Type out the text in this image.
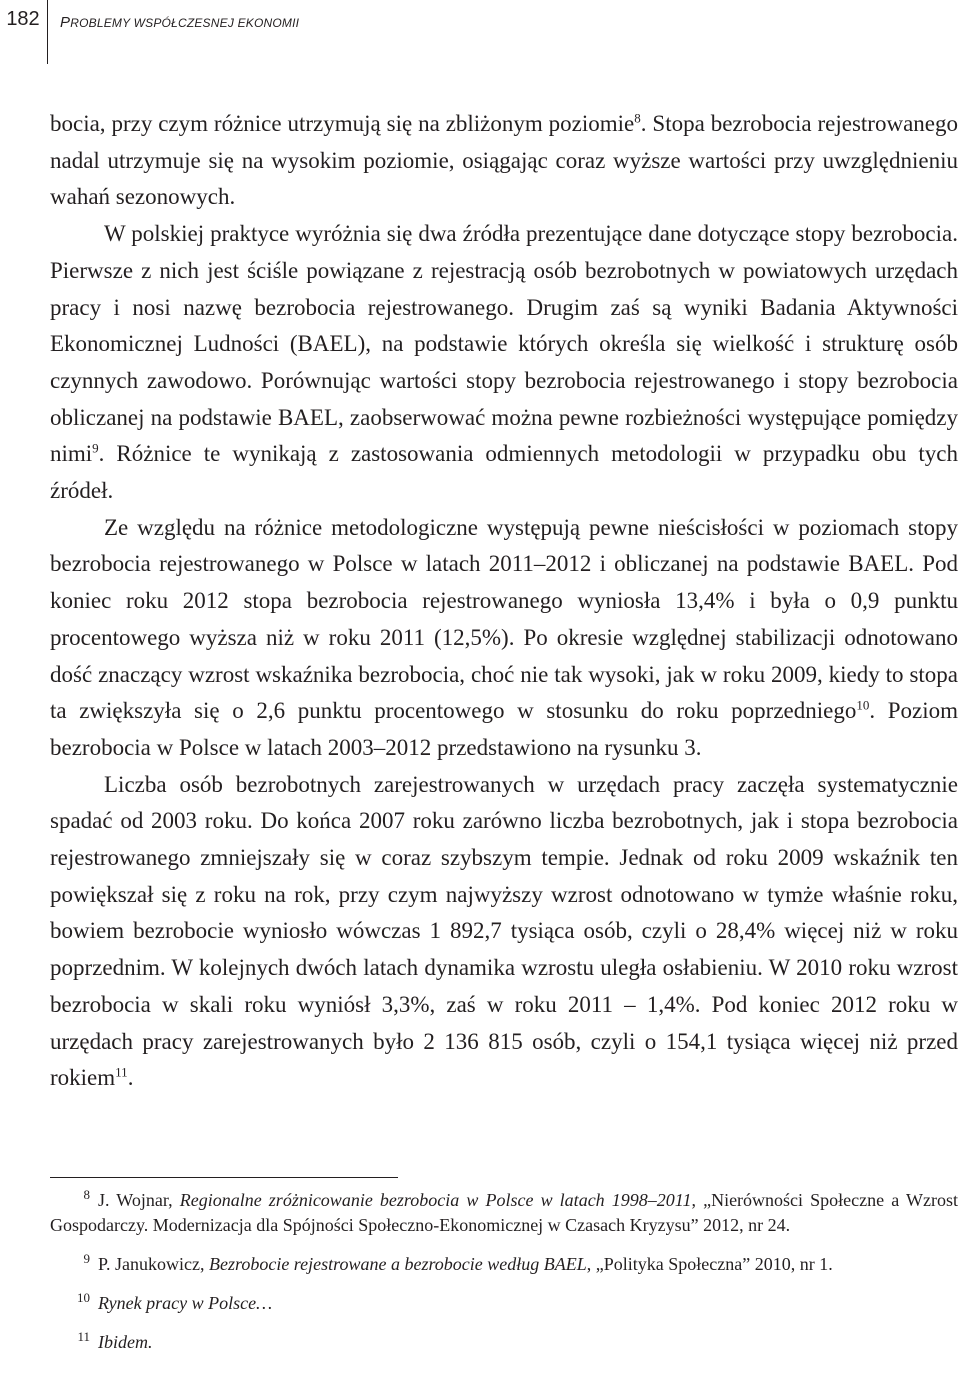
182	PROBLEMY WSPÓŁCZESNEJ EKONOMII

bocia, przy czym różnice utrzymują się na zbliżonym poziomie$^8$. Stopa bezrobocia rejestrowanego nadal utrzymuje się na wysokim poziomie, osiągając coraz wyższe wartości przy uwzględnieniu wahań sezonowych.

W polskiej praktyce wyróżnia się dwa źródła prezentujące dane dotyczące stopy bezrobocia. Pierwsze z nich jest ściśle powiązane z rejestracją osób bezrobotnych w powiatowych urzędach pracy i nosi nazwę bezrobocia rejestrowanego. Drugim zaś są wyniki Badania Aktywności Ekonomicznej Ludności (BAEL), na podstawie których określa się wielkość i strukturę osób czynnych zawodowo. Porównując wartości stopy bezrobocia rejestrowanego i stopy bezrobocia obliczanej na podstawie BAEL, zaobserwować można pewne rozbieżności występujące pomiędzy nimi$^9$. Różnice te wynikają z zastosowania odmiennych metodologii w przypadku obu tych źródeł.

Ze względu na różnice metodologiczne występują pewne nieścisłości w poziomach stopy bezrobocia rejestrowanego w Polsce w latach 2011–2012 i obliczanej na podstawie BAEL. Pod koniec roku 2012 stopa bezrobocia rejestrowanego wyniosła 13,4% i była o 0,9 punktu procentowego wyższa niż w roku 2011 (12,5%). Po okresie względnej stabilizacji odnotowano dość znaczący wzrost wskaźnika bezrobocia, choć nie tak wysoki, jak w roku 2009, kiedy to stopa ta zwiększyła się o 2,6 punktu procentowego w stosunku do roku poprzedniego$^{10}$. Poziom bezrobocia w Polsce w latach 2003–2012 przedstawiono na rysunku 3.

Liczba osób bezrobotnych zarejestrowanych w urzędach pracy zaczęła systematycznie spadać od 2003 roku. Do końca 2007 roku zarówno liczba bezrobotnych, jak i stopa bezrobocia rejestrowanego zmniejszały się w coraz szybszym tempie. Jednak od roku 2009 wskaźnik ten powiększał się z roku na rok, przy czym najwyższy wzrost odnotowano w tymże właśnie roku, bowiem bezrobocie wyniosło wówczas 1 892,7 tysiąca osób, czyli o 28,4% więcej niż w roku poprzednim. W kolejnych dwóch latach dynamika wzrostu uległa osłabieniu. W 2010 roku wzrost bezrobocia w skali roku wyniósł 3,3%, zaś w roku 2011 – 1,4%. Pod koniec 2012 roku w urzędach pracy zarejestrowanych było 2 136 815 osób, czyli o 154,1 tysiąca więcej niż przed rokiem$^{11}$.

8 J. Wojnar, Regionalne zróżnicowanie bezrobocia w Polsce w latach 1998–2011, „Nierówności Społeczne a Wzrost Gospodarczy. Modernizacja dla Spójności Społeczno-Ekonomicznej w Czasach Kryzysu” 2012, nr 24.

9 P. Janukowicz, Bezrobocie rejestrowane a bezrobocie według BAEL, „Polityka Społeczna” 2010, nr 1.

10 Rynek pracy w Polsce…

11 Ibidem.
